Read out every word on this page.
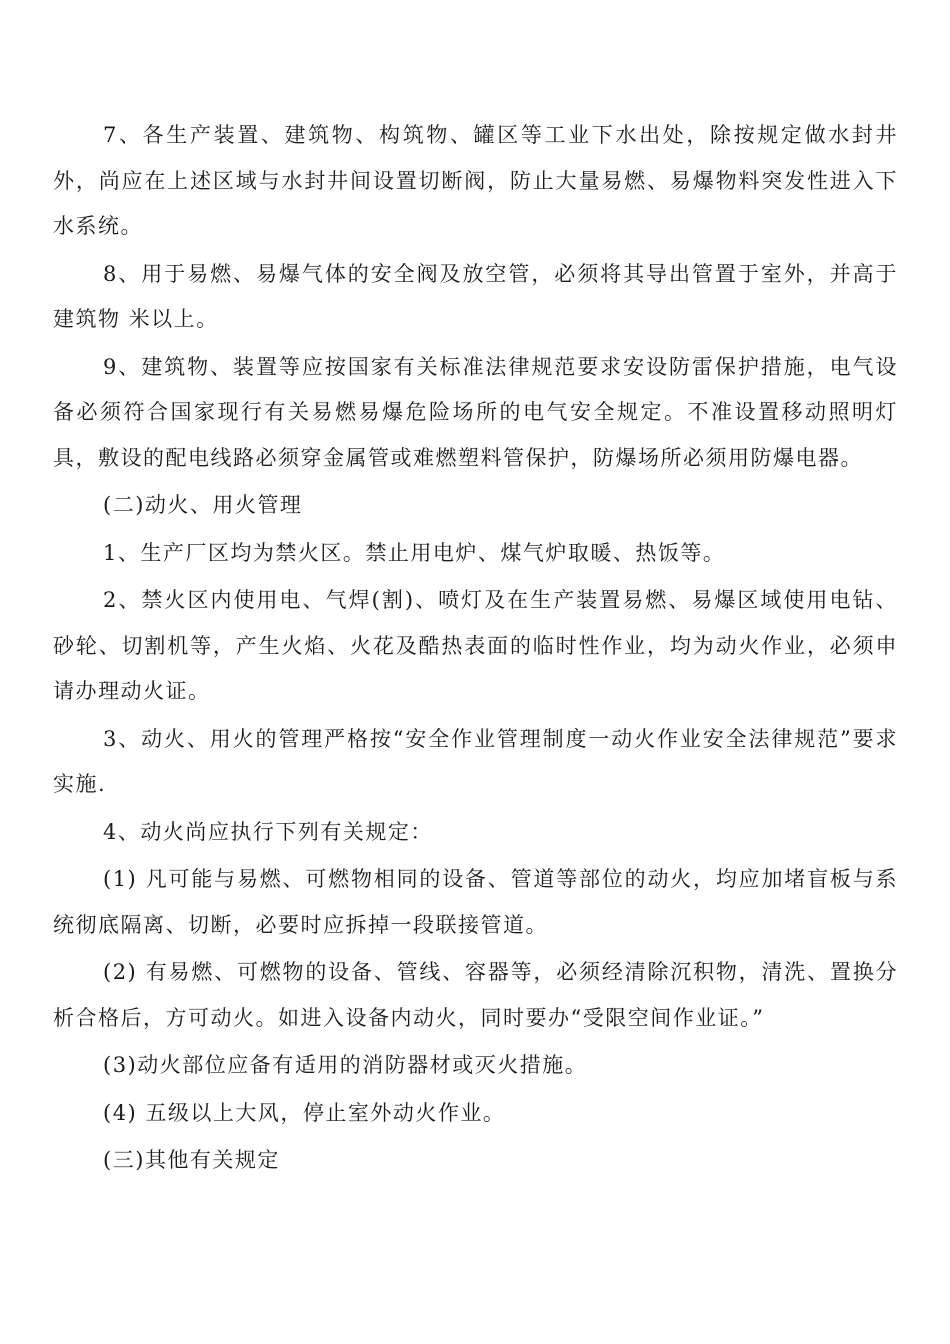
7、各生产装置、建筑物、构筑物、罐区等工业下水出处，除按规定做水封井外，尚应在上述区域与水封井间设置切断阀，防止大量易燃、易爆物料突发性进入下水系统。

8、用于易燃、易爆气体的安全阀及放空管，必须将其导出管置于室外，并高于建筑物 米以上。

9、建筑物、装置等应按国家有关标准法律规范要求安设防雷保护措施，电气设备必须符合国家现行有关易燃易爆危险场所的电气安全规定。不准设置移动照明灯具，敷设的配电线路必须穿金属管或难燃塑料管保护，防爆场所必须用防爆电器。

(二)动火、用火管理

1、生产厂区均为禁火区。禁止用电炉、煤气炉取暖、热饭等。

2、禁火区内使用电、气焊(割)、喷灯及在生产装置易燃、易爆区域使用电钻、砂轮、切割机等，产生火焰、火花及酷热表面的临时性作业，均为动火作业，必须申请办理动火证。

3、动火、用火的管理严格按“安全作业管理制度一动火作业安全法律规范”要求实施.

4、动火尚应执行下列有关规定：

(1) 凡可能与易燃、可燃物相同的设备、管道等部位的动火，均应加堵盲板与系统彻底隔离、切断，必要时应拆掉一段联接管道。

(2) 有易燃、可燃物的设备、管线、容器等，必须经清除沉积物，清洗、置换分析合格后，方可动火。如进入设备内动火，同时要办“受限空间作业证。”

(3)动火部位应备有适用的消防器材或灭火措施。

(4) 五级以上大风，停止室外动火作业。

(三)其他有关规定
